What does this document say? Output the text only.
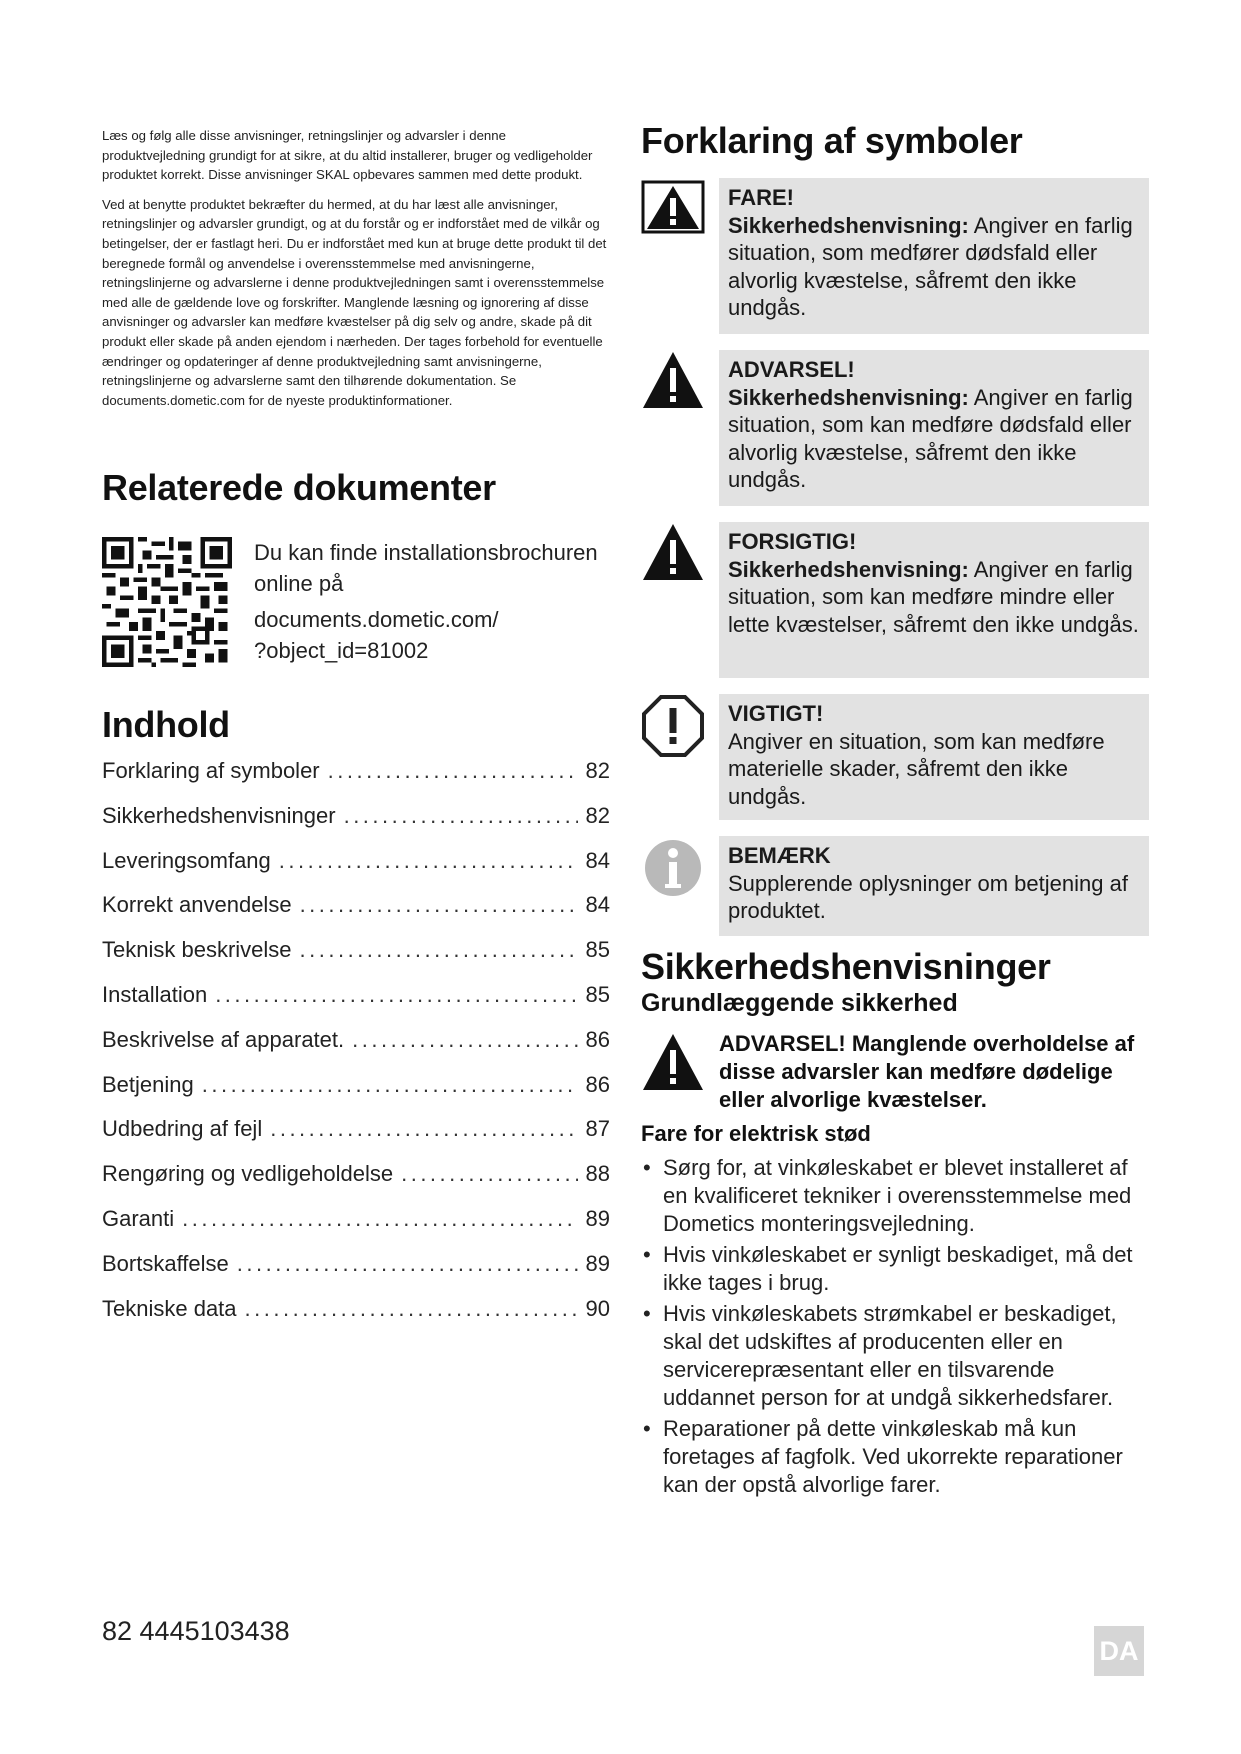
Læs og følg alle disse anvisninger, retningslinjer og advarsler i denne produktvejledning grundigt for at sikre, at du altid installerer, bruger og vedligeholder produktet korrekt. Disse anvisninger SKAL opbevares sammen med dette produkt.

Ved at benytte produktet bekræfter du hermed, at du har læst alle anvisninger, retningslinjer og advarsler grundigt, og at du forstår og er indforstået med de vilkår og betingelser, der er fastlagt heri. Du er indforstået med kun at bruge dette produkt til det beregnede formål og anvendelse i overensstemmelse med anvisningerne, retningslinjerne og advarslerne i denne produktvejledningen samt i overensstemmelse med alle de gældende love og forskrifter. Manglende læsning og ignorering af disse anvisninger og advarsler kan medføre kvæstelser på dig selv og andre, skade på dit produkt eller skade på anden ejendom i nærheden. Der tages forbehold for eventuelle ændringer og opdateringer af denne produktvejledning samt anvisningerne, retningslinjerne og advarslerne samt den tilhørende dokumentation. Se documents.dometic.com for de nyeste produktinformationer.

Relaterede dokumenter
Du kan finde installationsbrochuren online på
documents.dometic.com/
?object_id=81002
Indhold
Forklaring af symboler .....	82
Sikkerhedshenvisninger .....	82
Leveringsomfang .....	84
Korrekt anvendelse .....	84
Teknisk beskrivelse .....	85
Installation .....	85
Beskrivelse af apparatet. .....	86
Betjening .....	86
Udbedring af fejl .....	87
Rengøring og vedligeholdelse .....	88
Garanti .....	89
Bortskaffelse .....	89
Tekniske data .....	90
Forklaring af symboler
FARE!
Sikkerhedshenvisning: Angiver en farlig situation, som medfører dødsfald eller alvorlig kvæstelse, såfremt den ikke undgås.
ADVARSEL!
Sikkerhedshenvisning: Angiver en farlig situation, som kan medføre dødsfald eller alvorlig kvæstelse, såfremt den ikke undgås.
FORSIGTIG!
Sikkerhedshenvisning: Angiver en farlig situation, som kan medføre mindre eller lette kvæstelser, såfremt den ikke undgås.
VIGTIGT!
Angiver en situation, som kan medføre materielle skader, såfremt den ikke undgås.
BEMÆRK
Supplerende oplysninger om betjening af produktet.
Sikkerhedshenvisninger
Grundlæggende sikkerhed
ADVARSEL! Manglende overholdelse af disse advarsler kan medføre dødelige eller alvorlige kvæstelser.
Fare for elektrisk stød
• Sørg for, at vinkøleskabet er blevet installeret af en kvalificeret tekniker i overensstemmelse med Dometics monteringsvejledning.
• Hvis vinkøleskabet er synligt beskadiget, må det ikke tages i brug.
• Hvis vinkøleskabets strømkabel er beskadiget, skal det udskiftes af producenten eller en servicerepræsentant eller en tilsvarende uddannet person for at undgå sikkerhedsfarer.
• Reparationer på dette vinkøleskab må kun foretages af fagfolk. Ved ukorrekte reparationer kan der opstå alvorlige farer.
82 4445103438
DA
